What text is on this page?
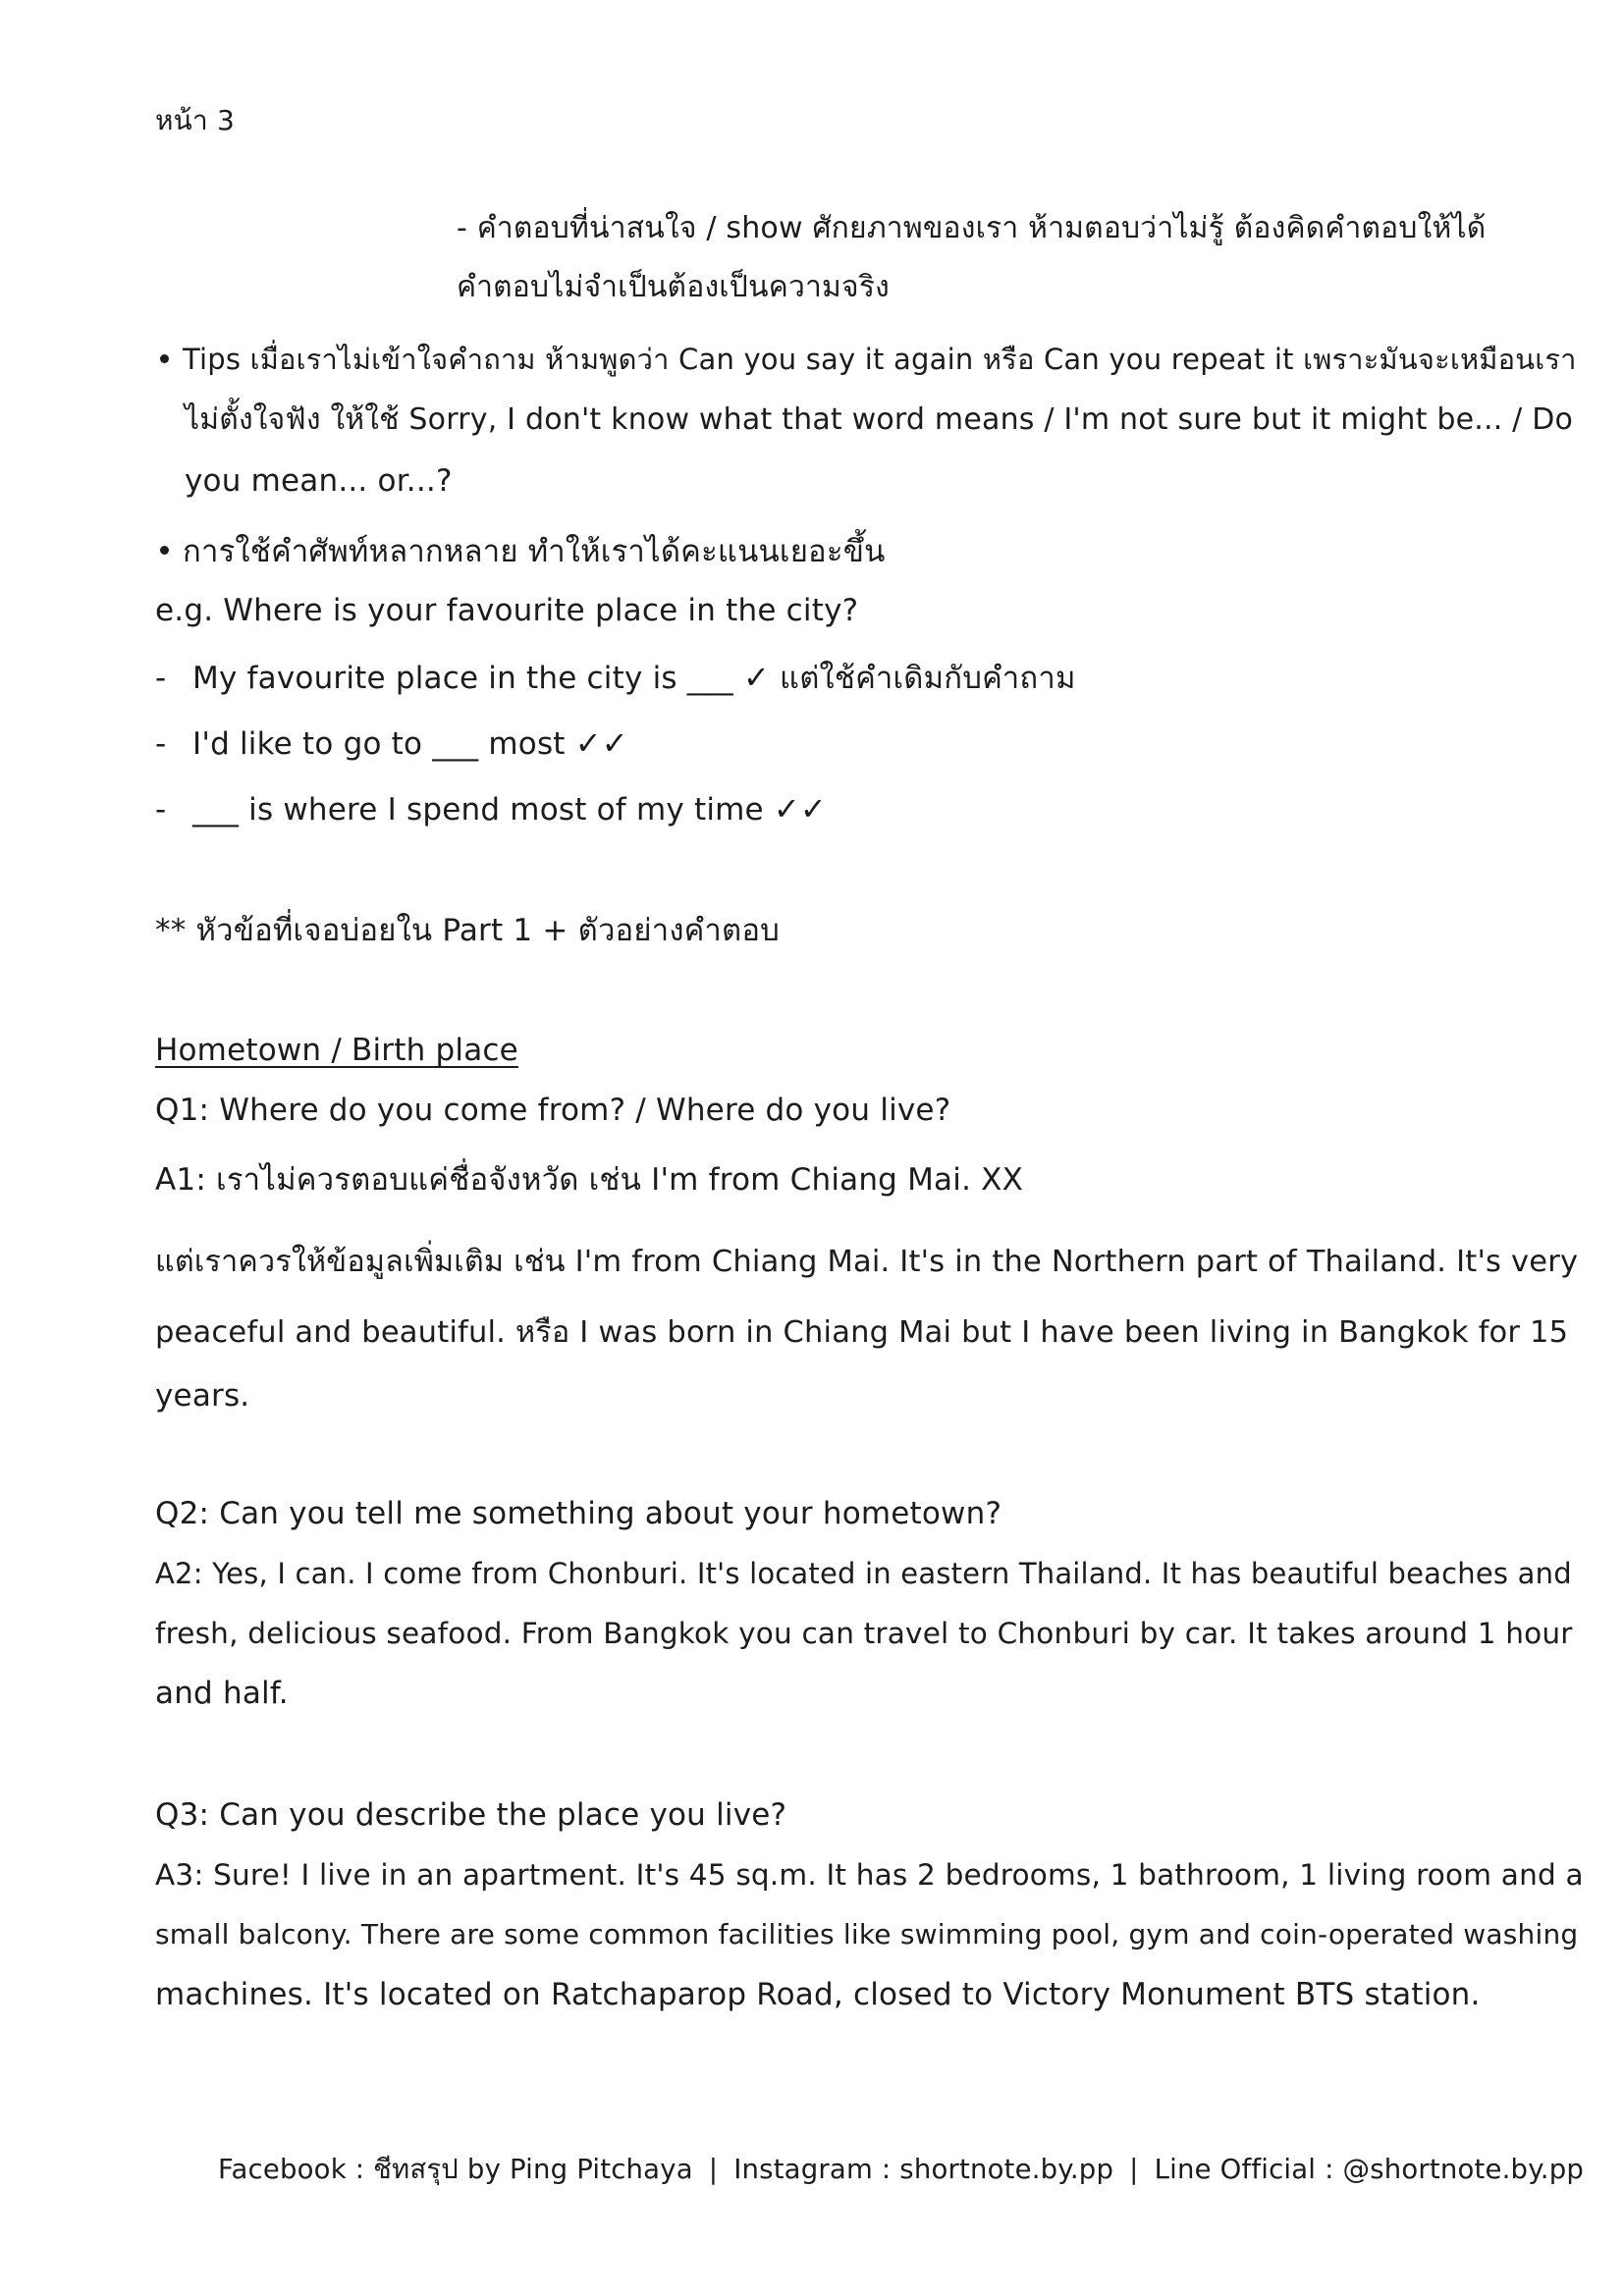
หน้า 3
- คำตอบที่น่าสนใจ / show ศักยภาพของเรา ห้ามตอบว่าไม่รู้ ต้องคิดคำตอบให้ได้
คำตอบไม่จำเป็นต้องเป็นความจริง
Tips เมื่อเราไม่เข้าใจคำถาม ห้ามพูดว่า Can you say it again หรือ Can you repeat it เพราะมันจะเหมือนเรา
ไม่ตั้งใจฟัง ให้ใช้ Sorry, I don't know what that word means / I'm not sure but it might be... / Do
you mean... or...?
การใช้คำศัพท์หลากหลาย ทำให้เราได้คะแนนเยอะขึ้น
e.g. Where is your favourite place in the city?
- My favourite place in the city is ___ ✓ แต่ใช้คำเดิมกับคำถาม
- I'd like to go to ___ most ✓✓
- ___ is where I spend most of my time ✓✓
** หัวข้อที่เจอบ่อยใน Part 1 + ตัวอย่างคำตอบ
Hometown / Birth place
Q1: Where do you come from? / Where do you live?
A1: เราไม่ควรตอบแค่ชื่อจังหวัด เช่น I'm from Chiang Mai. XX
แต่เราควรให้ข้อมูลเพิ่มเติม เช่น I'm from Chiang Mai. It's in the Northern part of Thailand. It's very
peaceful and beautiful. หรือ I was born in Chiang Mai but I have been living in Bangkok for 15
years.
Q2: Can you tell me something about your hometown?
A2: Yes, I can. I come from Chonburi. It's located in eastern Thailand. It has beautiful beaches and
fresh, delicious seafood. From Bangkok you can travel to Chonburi by car. It takes around 1 hour
and half.
Q3: Can you describe the place you live?
A3: Sure! I live in an apartment. It's 45 sq.m. It has 2 bedrooms, 1 bathroom, 1 living room and a
small balcony. There are some common facilities like swimming pool, gym and coin-operated washing
machines. It's located on Ratchaparop Road, closed to Victory Monument BTS station.
Facebook : ชีทสรุป by Ping Pitchaya | Instagram : shortnote.by.pp | Line Official : @shortnote.by.pp
